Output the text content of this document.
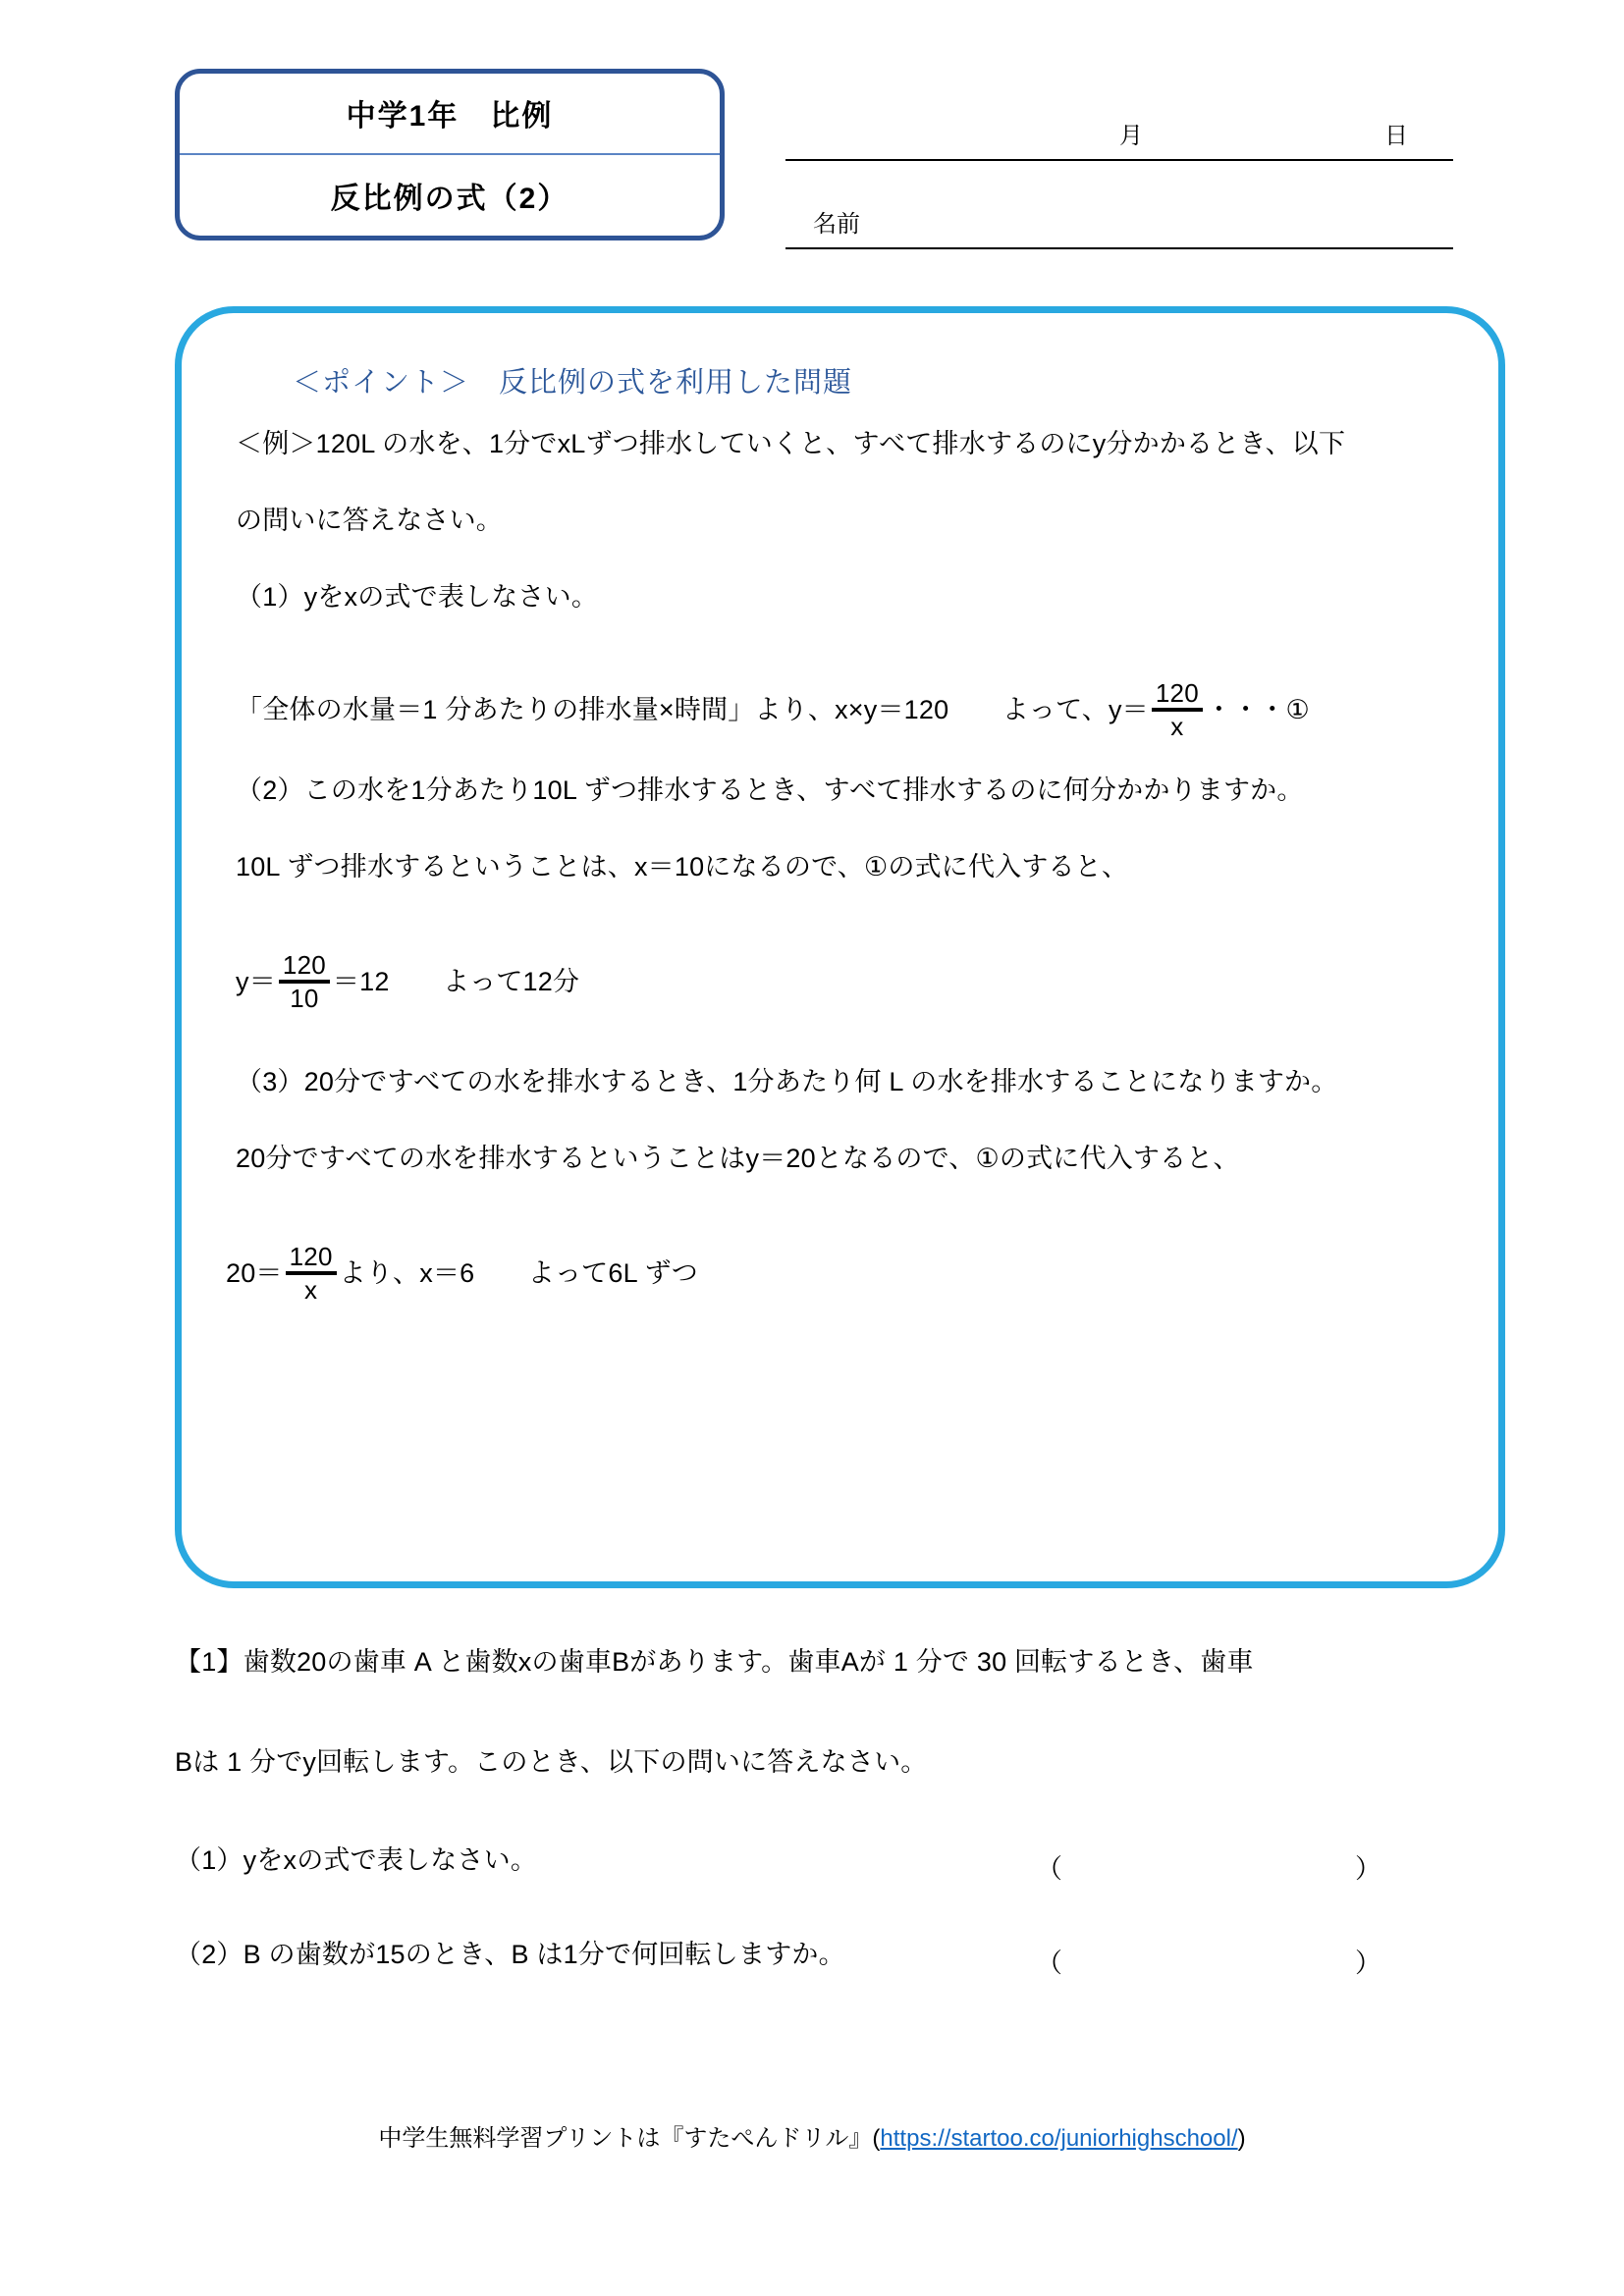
中学1年　比例
反比例の式（2）
月	日
名前
＜ポイント＞　反比例の式を利用した問題
＜例＞120L の水を、1分でxLずつ排水していくと、すべて排水するのにy分かかるとき、以下
の問いに答えなさい。
（1）yをxの式で表しなさい。
「全体の水量＝1 分あたりの排水量×時間」より、x×y＝120　　よって、$y= \frac{120}{x}$ ・・・①
（2）この水を1分あたり10L ずつ排水するとき、すべて排水するのに何分かかりますか。
10L ずつ排水するということは、x＝10になるので、①の式に代入すると、
$y= \frac{120}{10} =12$　　よって12分
（3）20分ですべての水を排水するとき、1分あたり何 L の水を排水することになりますか。
20分ですべての水を排水するということはy＝20となるので、①の式に代入すると、
$20= \frac{120}{x}$ より、x＝6　　よって6L ずつ
【1】歯数20の歯車 A と歯数xの歯車Bがあります。歯車Aが 1 分で 30 回転するとき、歯車
Bは 1 分でy回転します。このとき、以下の問いに答えなさい。
（1）yをxの式で表しなさい。	（	）
（2）B の歯数が15のとき、B は1分で何回転しますか。	（	）
中学生無料学習プリントは『すたぺんドリル』(https://startoo.co/juniorhighschool/)
